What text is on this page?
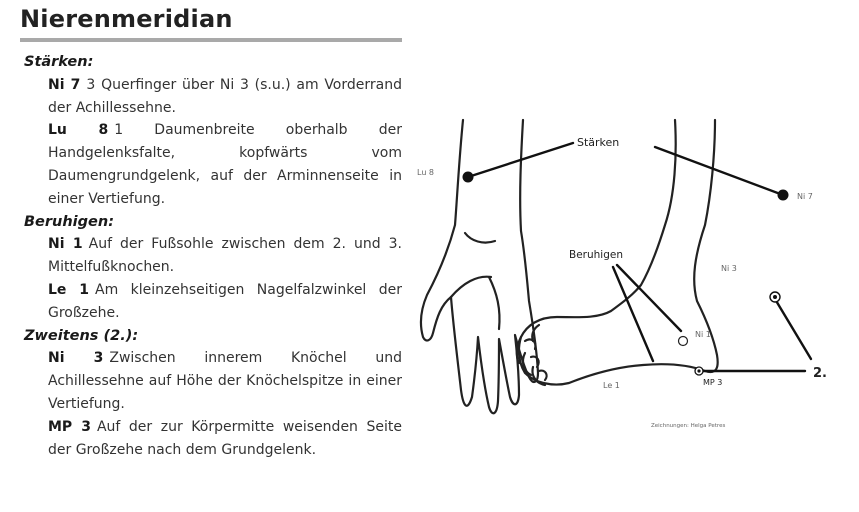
Nierenmeridian
Stärken:
Ni 7 3 Querfinger über Ni 3 (s.u.) am Vorderrand der Achillessehne.
Lu 8 1 Daumenbreite oberhalb der Handgelenksfalte, kopfwärts vom Daumengrundgelenk, auf der Arminnenseite in einer Vertiefung.
Beruhigen:
Ni 1 Auf der Fußsohle zwischen dem 2. und 3. Mittelfußknochen.
Le 1 Am kleinzehseitigen Nagelfalzwinkel der Großzehe.
Zweitens (2.):
Ni 3 Zwischen innerem Knöchel und Achillessehne auf Höhe der Knöchelspitze in einer Vertiefung.
MP 3 Auf der zur Körpermitte weisenden Seite der Großzehe nach dem Grundgelenk.
Stärken
Beruhigen
2.
Lu 8
Ni 7
Ni 3
Ni 1
Le 1	MP 3
Zeichnungen: Helga Petres
